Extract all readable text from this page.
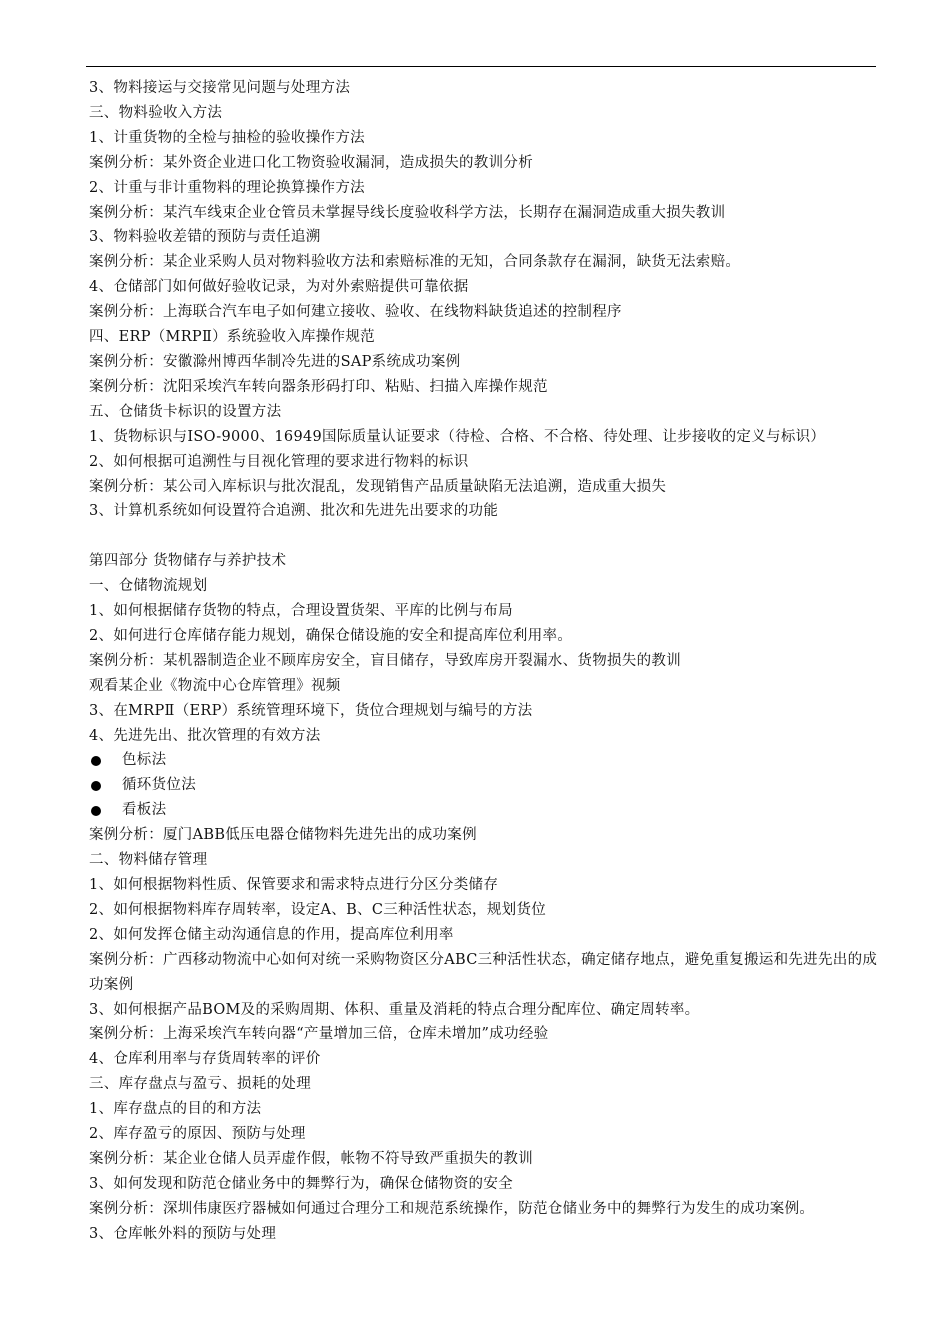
3、物料接运与交接常见问题与处理方法
三、物料验收入方法
1、计重货物的全检与抽检的验收操作方法
案例分析：某外资企业进口化工物资验收漏洞，造成损失的教训分析
2、计重与非计重物料的理论换算操作方法
案例分析：某汽车线束企业仓管员未掌握导线长度验收科学方法，长期存在漏洞造成重大损失教训
3、物料验收差错的预防与责任追溯
案例分析：某企业采购人员对物料验收方法和索赔标准的无知，合同条款存在漏洞，缺货无法索赔。
4、仓储部门如何做好验收记录，为对外索赔提供可靠依据
案例分析：上海联合汽车电子如何建立接收、验收、在线物料缺货追述的控制程序
四、ERP（MRPⅡ）系统验收入库操作规范
案例分析：安徽滁州博西华制冷先进的SAP系统成功案例
案例分析：沈阳采埃汽车转向器条形码打印、粘贴、扫描入库操作规范
五、仓储货卡标识的设置方法
1、货物标识与ISO-9000、16949国际质量认证要求（待检、合格、不合格、待处理、让步接收的定义与标识）
2、如何根据可追溯性与目视化管理的要求进行物料的标识
案例分析：某公司入库标识与批次混乱，发现销售产品质量缺陷无法追溯，造成重大损失
3、计算机系统如何设置符合追溯、批次和先进先出要求的功能
第四部分 货物储存与养护技术
一、仓储物流规划
1、如何根据储存货物的特点，合理设置货架、平库的比例与布局
2、如何进行仓库储存能力规划，确保仓储设施的安全和提高库位利用率。
案例分析：某机器制造企业不顾库房安全，盲目储存，导致库房开裂漏水、货物损失的教训
观看某企业《物流中心仓库管理》视频
3、在MRPⅡ（ERP）系统管理环境下，货位合理规划与编号的方法
4、先进先出、批次管理的有效方法
色标法
循环货位法
看板法
案例分析：厦门ABB低压电器仓储物料先进先出的成功案例
二、物料储存管理
1、如何根据物料性质、保管要求和需求特点进行分区分类储存
2、如何根据物料库存周转率，设定A、B、C三种活性状态，规划货位
2、如何发挥仓储主动沟通信息的作用，提高库位利用率
案例分析：广西移动物流中心如何对统一采购物资区分ABC三种活性状态，确定储存地点，避免重复搬运和先进先出的成功案例
3、如何根据产品BOM及的采购周期、体积、重量及消耗的特点合理分配库位、确定周转率。
案例分析：上海采埃汽车转向器“产量增加三倍，仓库未增加”成功经验
4、仓库利用率与存货周转率的评价
三、库存盘点与盈亏、损耗的处理
1、库存盘点的目的和方法
2、库存盈亏的原因、预防与处理
案例分析：某企业仓储人员弄虚作假，帐物不符导致严重损失的教训
3、如何发现和防范仓储业务中的舞弊行为，确保仓储物资的安全
案例分析：深圳伟康医疗器械如何通过合理分工和规范系统操作，防范仓储业务中的舞弊行为发生的成功案例。
3、仓库帐外料的预防与处理
